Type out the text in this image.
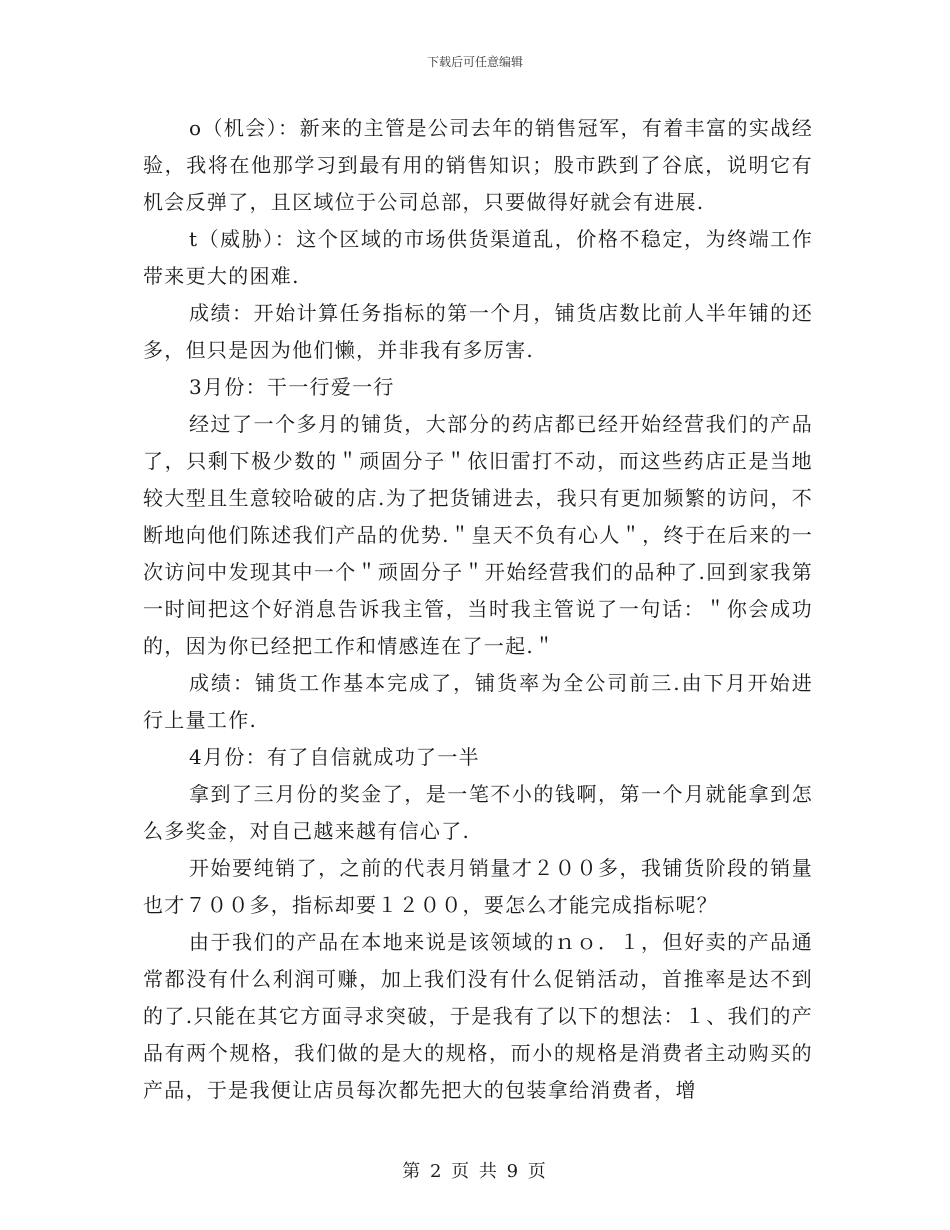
下载后可任意编辑

o（机会）：新来的主管是公司去年的销售冠军，有着丰富的实战经验，我将在他那学习到最有用的销售知识；股市跌到了谷底，说明它有机会反弹了，且区域位于公司总部，只要做得好就会有进展.

t（威胁）：这个区域的市场供货渠道乱，价格不稳定，为终端工作带来更大的困难.

成绩：开始计算任务指标的第一个月，铺货店数比前人半年铺的还多，但只是因为他们懒，并非我有多厉害.

3月份：干一行爱一行

经过了一个多月的铺货，大部分的药店都已经开始经营我们的产品了，只剩下极少数的＂顽固分子＂依旧雷打不动，而这些药店正是当地较大型且生意较哈破的店.为了把货铺进去，我只有更加频繁的访问，不断地向他们陈述我们产品的优势.＂皇天不负有心人＂，终于在后来的一次访问中发现其中一个＂顽固分子＂开始经营我们的品种了.回到家我第一时间把这个好消息告诉我主管，当时我主管说了一句话：＂你会成功的，因为你已经把工作和情感连在了一起.＂

成绩：铺货工作基本完成了，铺货率为全公司前三.由下月开始进行上量工作.

4月份：有了自信就成功了一半

拿到了三月份的奖金了，是一笔不小的钱啊，第一个月就能拿到怎么多奖金，对自己越来越有信心了.

开始要纯销了，之前的代表月销量才２００多，我铺货阶段的销量也才７００多，指标却要１２００，要怎么才能完成指标呢？

由于我们的产品在本地来说是该领域的ｎｏ．１，但好卖的产品通常都没有什么利润可赚，加上我们没有什么促销活动，首推率是达不到的了.只能在其它方面寻求突破，于是我有了以下的想法：１、我们的产品有两个规格，我们做的是大的规格，而小的规格是消费者主动购买的产品，于是我便让店员每次都先把大的包装拿给消费者，增

第 2 页 共 9 页
